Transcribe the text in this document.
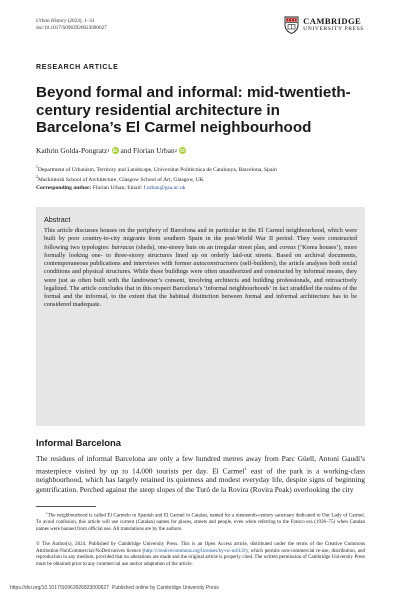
Urban History (2024), 1–31
doi:10.1017/S0963926823000627
CAMBRIDGE
UNIVERSITY PRESS
RESEARCH ARTICLE
Beyond formal and informal: mid-twentieth-century residential architecture in Barcelona’s El Carmel neighbourhood
Kathrin Golda-Pongratz 1 iD and Florian Urban 2 iD
$^1$Department of Urbanism, Territory and Landscape, Universitat Politècnica de Catalunya, Barcelona, Spain
$^2$Mackintosh School of Architecture, Glasgow School of Art, Glasgow, UK
Corresponding author: Florian Urban; Email: f.urban@gsa.ac.uk
Abstract

This article discusses houses on the periphery of Barcelona and in particular in the El Carmel neighbourhood, which were built by poor country-to-city migrants from southern Spain in the post-World War II period. They were constructed following two typologies: barracas (sheds), one-storey huts on an irregular street plan, and coreas (‘Korea houses’), more formally looking one- to three-storey structures lined up on orderly laid-out streets. Based on archival documents, contemporaneous publications and interviews with former autoconstructores (self-builders), the article analyses both social conditions and physical structures. While these buildings were often unauthorized and constructed by informal means, they were just as often built with the landowner’s consent, involving architects and building professionals, and retroactively legalized. The article concludes that in this respect Barcelona’s ‘informal neighbourhoods’ in fact straddled the realms of the formal and the informal, to the extent that the habitual distinction between formal and informal architecture has to be considered inadequate.

Informal Barcelona

The residues of informal Barcelona are only a few hundred metres away from Parc Güell, Antoni Gaudí’s masterpiece visited by up to 14,000 tourists per day. El Carmel$^1$ east of the park is a working-class neighbourhood, which has largely retained its quietness and modest everyday life, despite signs of beginning gentrification. Perched against the steep slopes of the Turó de la Rovira (Rovira Peak) overlooking the city

$^1$The neighbourhood is called El Carmelo in Spanish and El Carmel in Catalan, named for a nineteenth-century sanctuary dedicated to Our Lady of Carmel. To avoid confusion, this article will use current (Catalan) names for places, streets and people, even when referring to the Franco era (1936–75) when Catalan names were banned from official use. All translations are by the authors.

© The Author(s), 2024. Published by Cambridge University Press. This is an Open Access article, distributed under the terms of the Creative Commons Attribution-NonCommercial-NoDerivatives licence (http://creativecommons.org/licenses/by-nc-nd/4.0/), which permits non-commercial re-use, distribution, and reproduction in any medium, provided that no alterations are made and the original article is properly cited. The written permission of Cambridge University Press must be obtained prior to any commercial use and/or adaptation of the article.

https://doi.org/10.1017/S0963926823000627 Published online by Cambridge University Press
